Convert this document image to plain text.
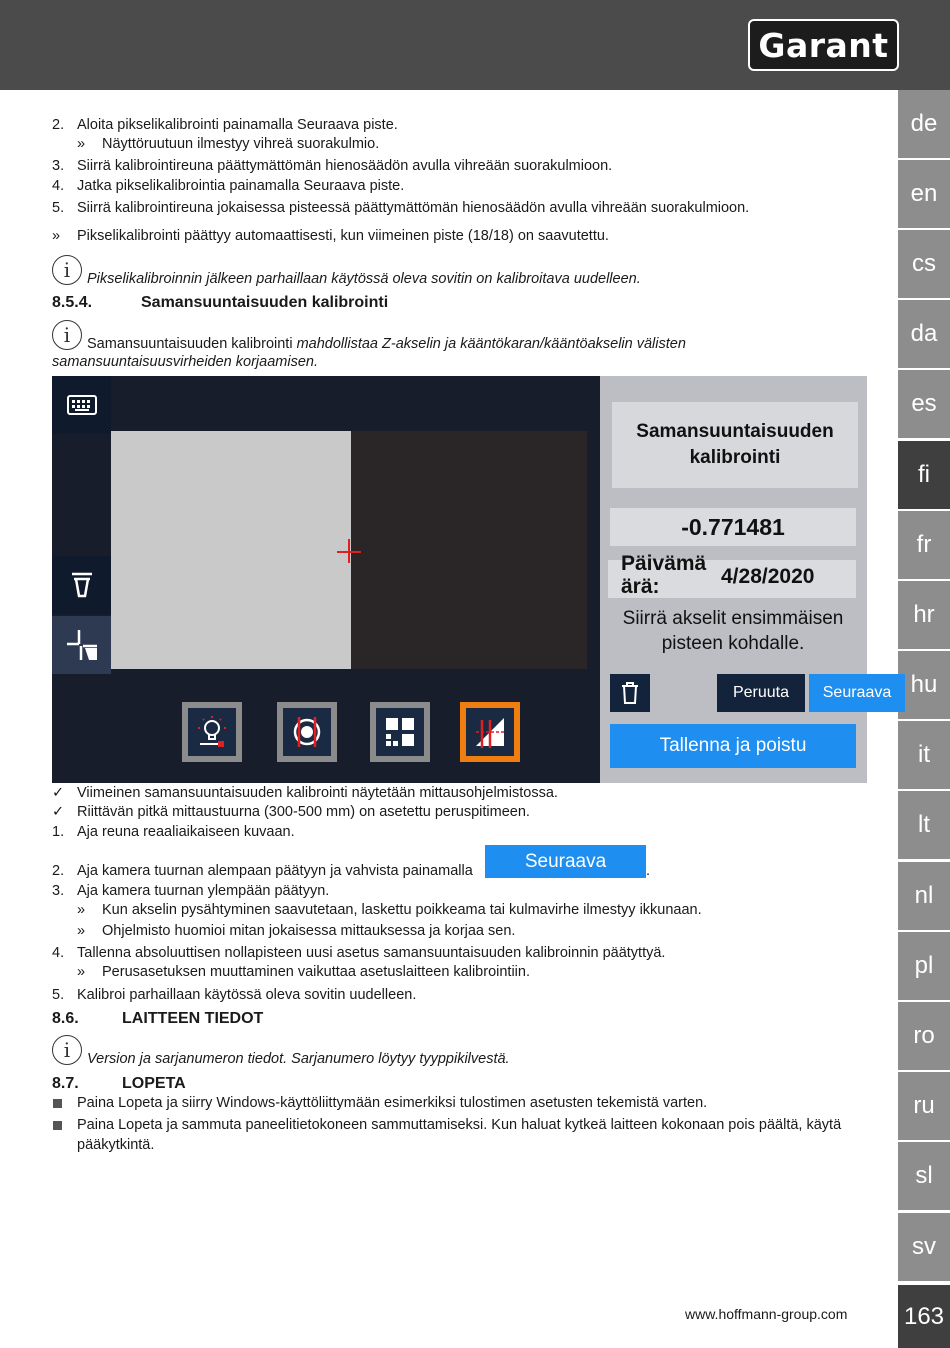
Garant
de
en
cs
da
es
fi
fr
hr
hu
it
lt
nl
pl
ro
ru
sl
sv
163
2. Aloita pikselikalibrointi painamalla Seuraava piste.
» Näyttöruutuun ilmestyy vihreä suorakulmio.
3. Siirrä kalibrointireuna päättymättömän hienosäädön avulla vihreään suorakulmioon.
4. Jatka pikselikalibrointia painamalla Seuraava piste.
5. Siirrä kalibrointireuna jokaisessa pisteessä päättymättömän hienosäädön avulla vihreään suorakulmioon.
» Pikselikalibrointi päättyy automaattisesti, kun viimeinen piste (18/18) on saavutettu.
i	Pikselikalibroinnin jälkeen parhaillaan käytössä oleva sovitin on kalibroitava uudelleen.
8.5.4.	Samansuuntaisuuden kalibrointi
i	Samansuuntaisuuden kalibrointi mahdollistaa Z-akselin ja kääntökaran/kääntöakselin välisten
samansuuntaisuusvirheiden korjaamisen.
Samansuuntaisuuden kalibrointi
-0.771481
Päivämä ärä:	4/28/2020
Siirrä akselit ensimmäisen pisteen kohdalle.
Peruuta	Seuraava
Tallenna ja poistu
✓ Viimeinen samansuuntaisuuden kalibrointi näytetään mittausohjelmistossa.
✓ Riittävän pitkä mittaustuurna (300-500 mm) on asetettu peruspitimeen.
1. Aja reuna reaaliaikaiseen kuvaan.
2. Aja kamera tuurnan alempaan päätyyn ja vahvista painamalla	Seuraava	.
3. Aja kamera tuurnan ylempään päätyyn.
» Kun akselin pysähtyminen saavutetaan, laskettu poikkeama tai kulmavirhe ilmestyy ikkunaan.
» Ohjelmisto huomioi mitan jokaisessa mittauksessa ja korjaa sen.
4. Tallenna absoluuttisen nollapisteen uusi asetus samansuuntaisuuden kalibroinnin päätyttyä.
» Perusasetuksen muuttaminen vaikuttaa asetuslaitteen kalibrointiin.
5. Kalibroi parhaillaan käytössä oleva sovitin uudelleen.
8.6.	LAITTEEN TIEDOT
i	Version ja sarjanumeron tiedot. Sarjanumero löytyy tyyppikilvestä.
8.7.	LOPETA
Paina Lopeta ja siirry Windows-käyttöliittymään esimerkiksi tulostimen asetusten tekemistä varten.
Paina Lopeta ja sammuta paneelitietokoneen sammuttamiseksi. Kun haluat kytkeä laitteen kokonaan pois päältä, käytä
pääkytkintä.
www.hoffmann-group.com
